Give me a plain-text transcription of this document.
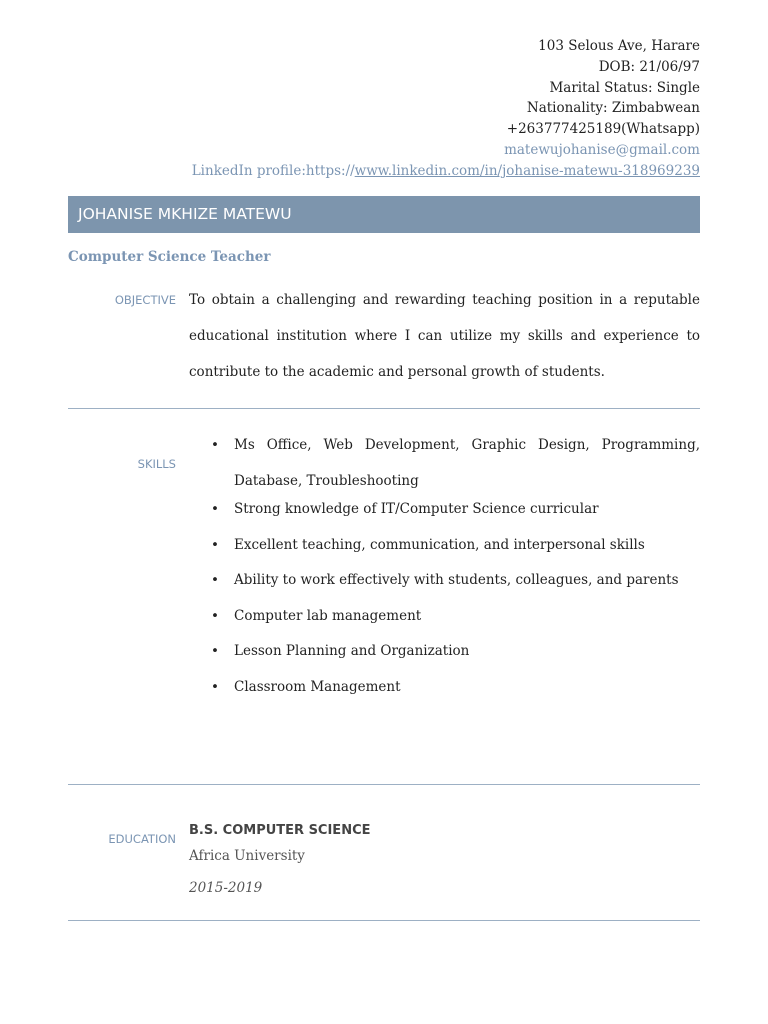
103 Selous Ave, Harare
DOB: 21/06/97
Marital Status: Single
Nationality: Zimbabwean
+263777425189(Whatsapp)
matewujohanise@gmail.com
LinkedIn profile:https://www.linkedin.com/in/johanise-matewu-318969239
JOHANISE MKHIZE MATEWU
Computer Science Teacher
OBJECTIVE To obtain a challenging and rewarding teaching position in a reputable educational institution where I can utilize my skills and experience to contribute to the academic and personal growth of students.
SKILLS
• Ms Office, Web Development, Graphic Design, Programming, Database, Troubleshooting
• Strong knowledge of IT/Computer Science curricular
• Excellent teaching, communication, and interpersonal skills
• Ability to work effectively with students, colleagues, and parents
• Computer lab management
• Lesson Planning and Organization
• Classroom Management
EDUCATION
B.S. COMPUTER SCIENCE
Africa University
2015-2019
